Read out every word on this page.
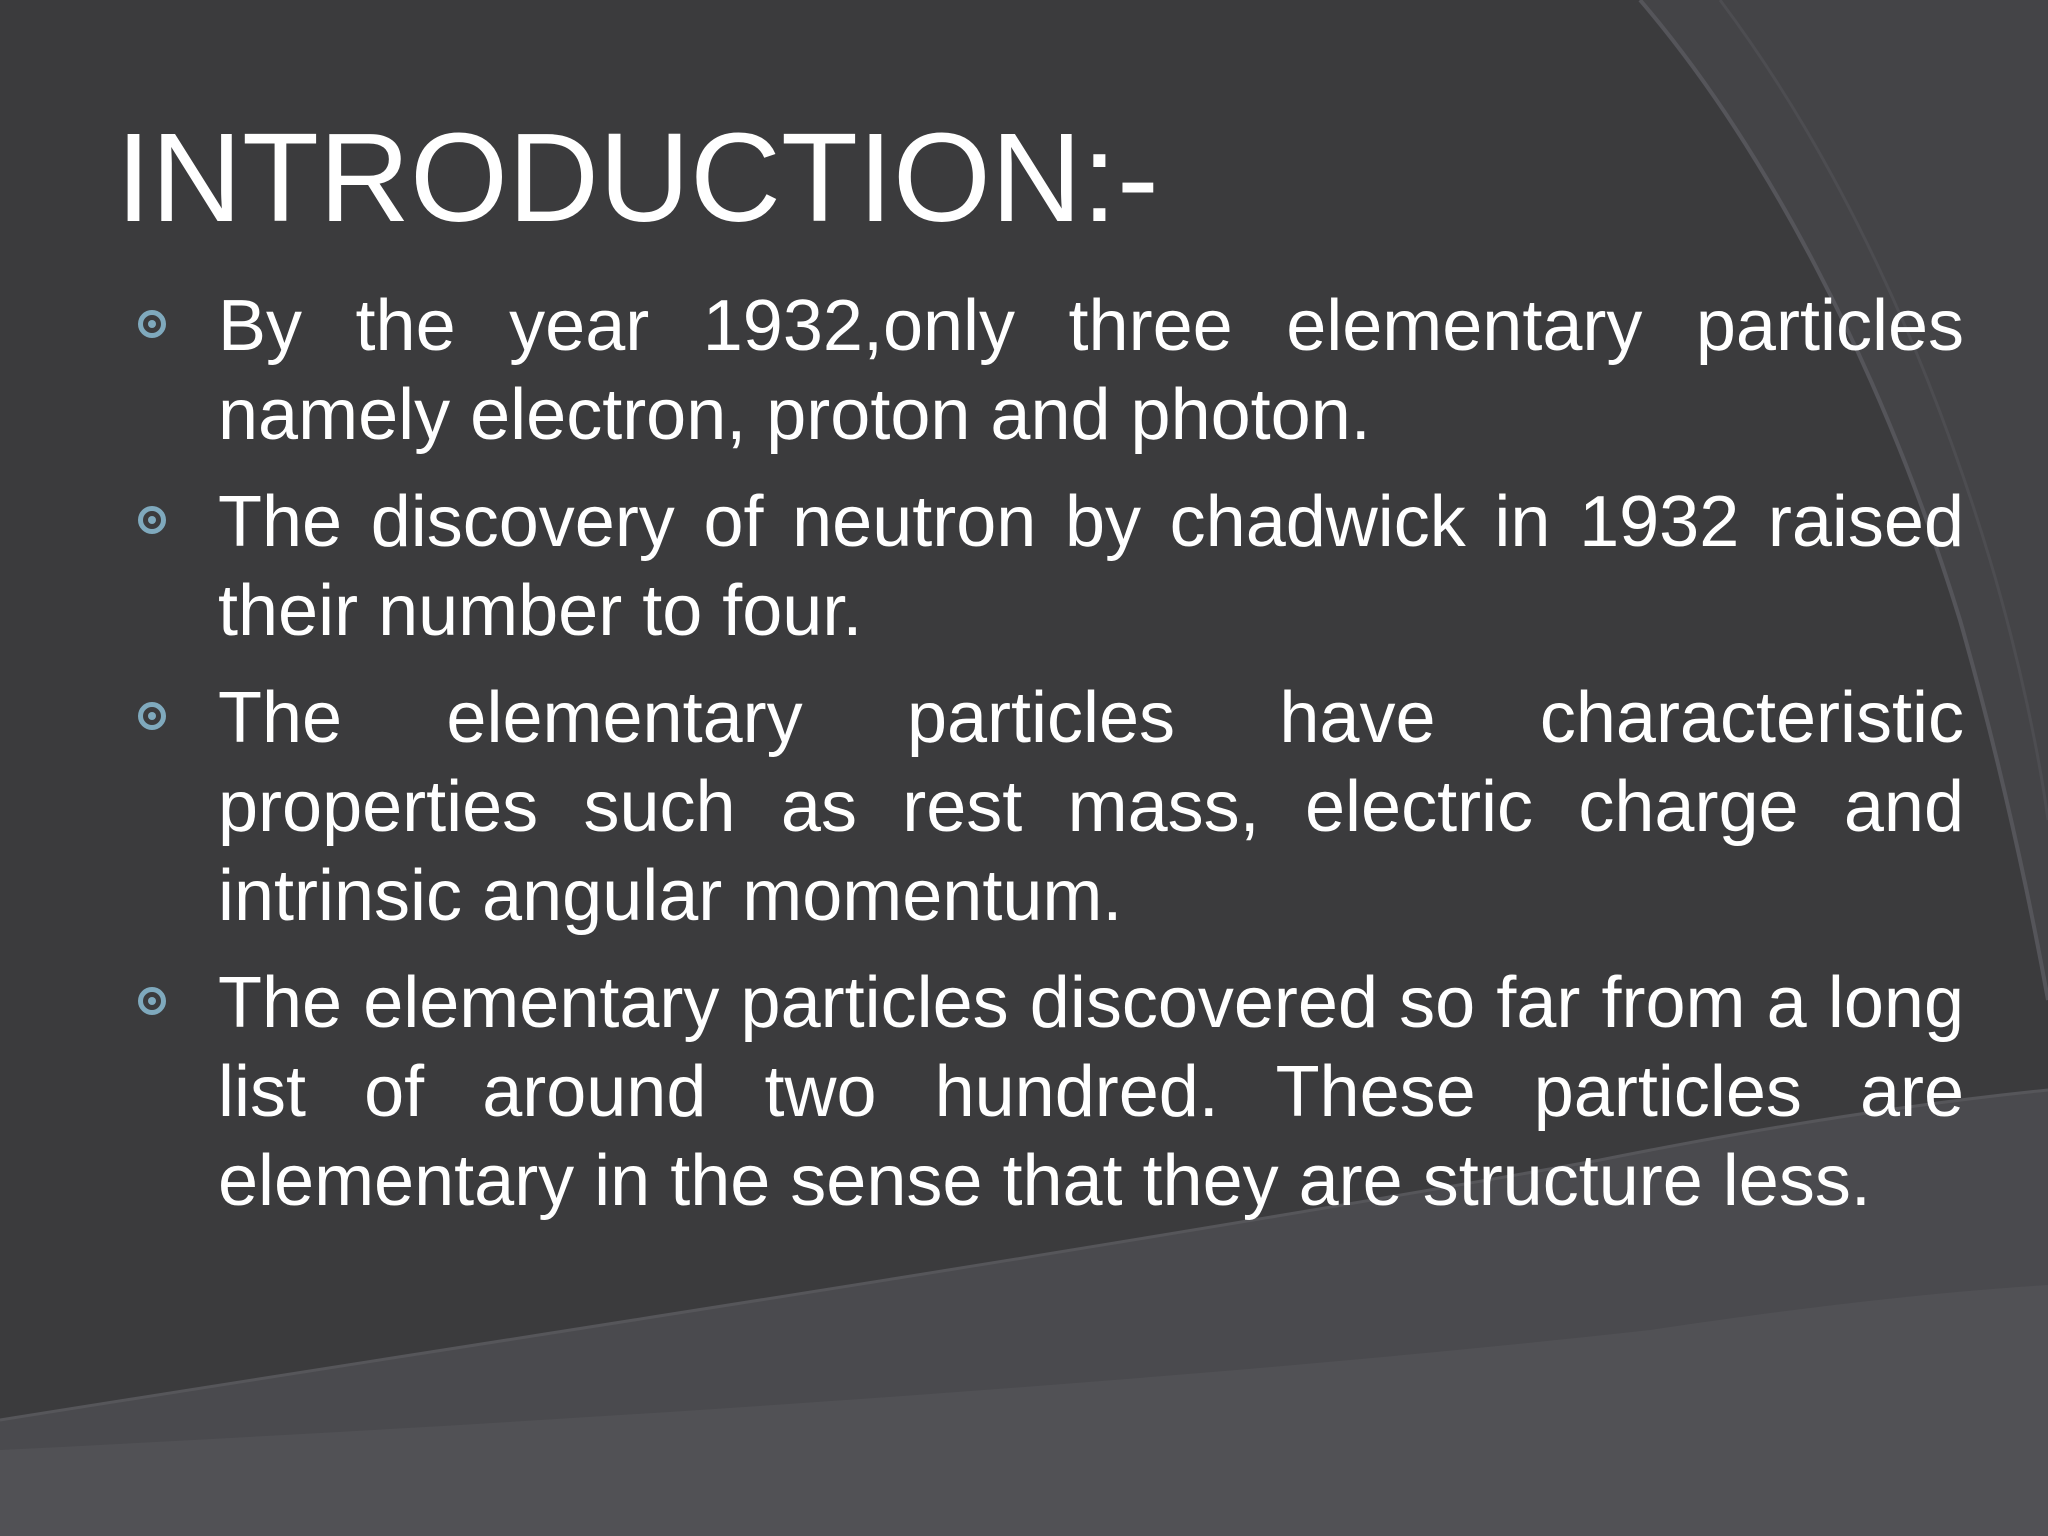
INTRODUCTION:-
By the year 1932,only three elementary particles namely electron, proton and photon.
The discovery of neutron by chadwick in 1932 raised their number to four.
The elementary particles have characteristic properties such as rest mass, electric charge and intrinsic angular momentum.
The elementary particles discovered so far from a long list of around two hundred. These particles are elementary in the sense that they are structure less.
